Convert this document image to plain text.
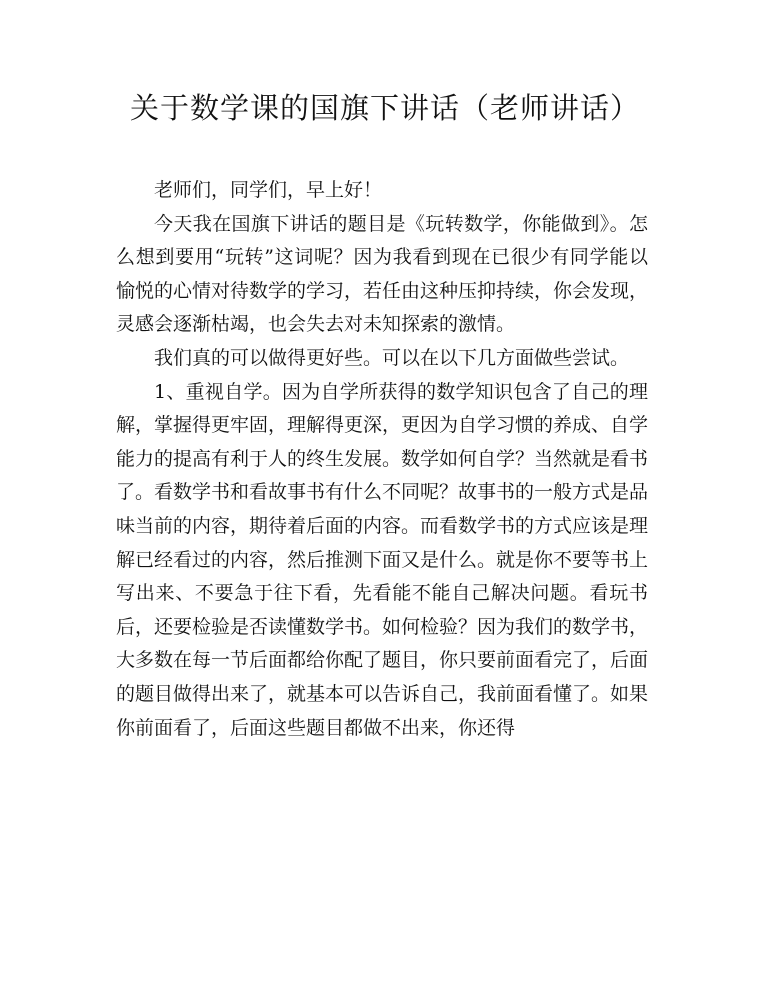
关于数学课的国旗下讲话（老师讲话）

老师们，同学们，早上好！

今天我在国旗下讲话的题目是《玩转数学，你能做到》。怎么想到要用“玩转”这词呢？因为我看到现在已很少有同学能以愉悦的心情对待数学的学习，若任由这种压抑持续，你会发现，灵感会逐渐枯竭，也会失去对未知探索的激情。

我们真的可以做得更好些。可以在以下几方面做些尝试。

1、重视自学。因为自学所获得的数学知识包含了自己的理解，掌握得更牢固，理解得更深，更因为自学习惯的养成、自学能力的提高有利于人的终生发展。数学如何自学？当然就是看书了。看数学书和看故事书有什么不同呢？故事书的一般方式是品味当前的内容，期待着后面的内容。而看数学书的方式应该是理解已经看过的内容，然后推测下面又是什么。就是你不要等书上写出来、不要急于往下看，先看能不能自己解决问题。看玩书后，还要检验是否读懂数学书。如何检验？因为我们的数学书，大多数在每一节后面都给你配了题目，你只要前面看完了，后面的题目做得出来了，就基本可以告诉自己，我前面看懂了。如果你前面看了，后面这些题目都做不出来，你还得
